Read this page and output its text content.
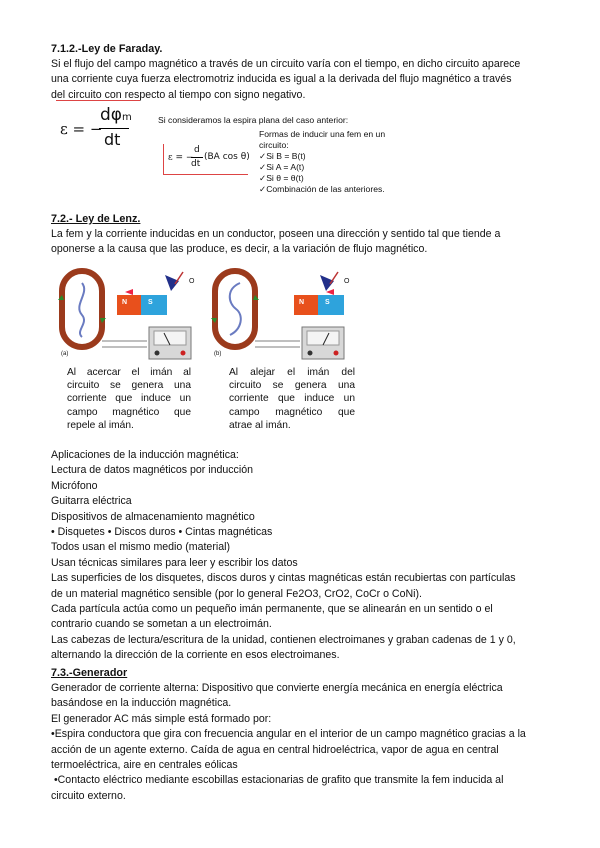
7.1.2.-Ley de Faraday.
Si el flujo del campo magnético a través de un circuito varía con el tiempo, en dicho circuito aparece
una corriente cuya fuerza electromotriz inducida es igual a la derivada del flujo magnético a través
del circuito con respecto al tiempo con signo negativo.
ε = −
dφm
dt
Si consideramos la espira plana del caso anterior:
ε = −
d
dt
(BA cos θ)
Formas de inducir una fem en un
circuito:
✓Si B = B(t)
✓Si A = A(t)
✓Si θ = θ(t)
✓Combinación de las anteriores.
7.2.- Ley de Lenz.
La fem y la corriente inducidas en un conductor, poseen una dirección y sentido tal que tiende a
oponerse a la causa que las produce, es decir, a la variación de flujo magnético.
(a)
N	S
O
Al acercar el imán al
circuito se genera una
corriente que induce un
campo magnético que
repele al imán.
(b)
N	S
O
Al alejar el imán del
circuito se genera una
corriente que induce un
campo magnético que
atrae al imán.
Aplicaciones de la inducción magnética:
Lectura de datos magnéticos por inducción
Micrófono
Guitarra eléctrica
Dispositivos de almacenamiento magnético
• Disquetes • Discos duros • Cintas magnéticas
Todos usan el mismo medio (material)
Usan técnicas similares para leer y escribir los datos
Las superficies de los disquetes, discos duros y cintas magnéticas están recubiertas con partículas
de un material magnético sensible (por lo general Fe2O3, CrO2, CoCr o CoNi).
Cada partícula actúa como un pequeño imán permanente, que se alinearán en un sentido o el
contrario cuando se sometan a un electroimán.
Las cabezas de lectura/escritura de la unidad, contienen electroimanes y graban cadenas de 1 y 0,
alternando la dirección de la corriente en esos electroimanes.
7.3.-Generador
Generador de corriente alterna: Dispositivo que convierte energía mecánica en energía eléctrica
basándose en la inducción magnética.
El generador AC más simple está formado por:
•Espira conductora que gira con frecuencia angular en el interior de un campo magnético gracias a la
acción de un agente externo. Caída de agua en central hidroeléctrica, vapor de agua en central
termoeléctrica, aire en centrales eólicas
•Contacto eléctrico mediante escobillas estacionarias de grafito que transmite la fem inducida al
circuito externo.
